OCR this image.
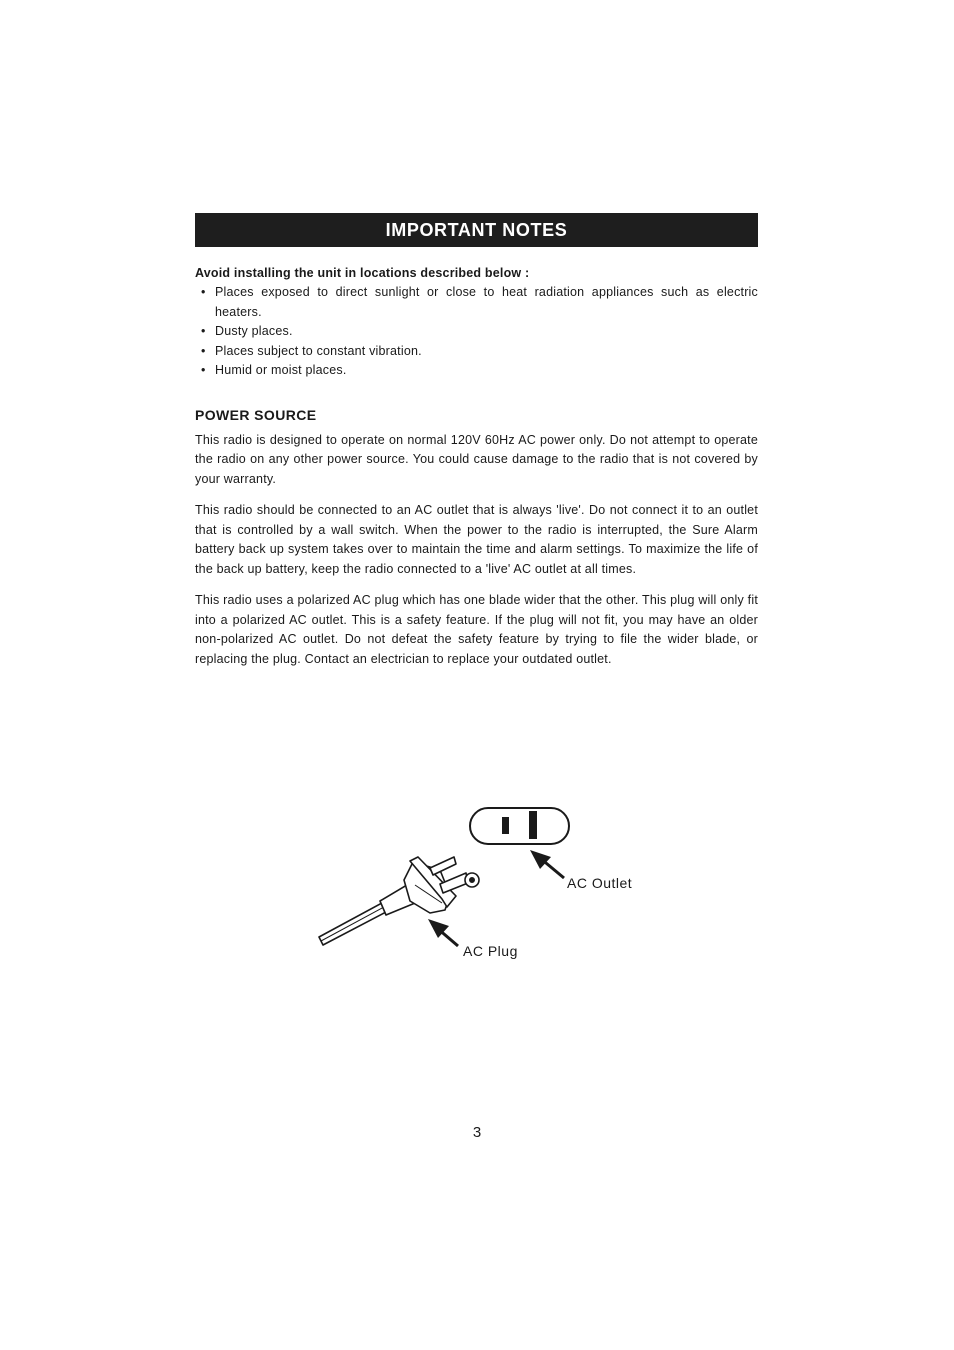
IMPORTANT NOTES
Avoid installing the unit in locations described below :
• Places exposed to direct sunlight or close to heat radiation appliances such as electric heaters.
• Dusty places.
• Places subject to constant vibration.
• Humid or moist places.
POWER SOURCE

This radio is designed to operate on normal 120V 60Hz AC power only. Do not attempt to operate the radio on any other power source. You could cause damage to the radio that is not covered by your warranty.

This radio should be connected to an AC outlet that is always 'live'. Do not connect it to an outlet that is controlled by a wall switch. When the power to the radio is interrupted, the Sure Alarm battery back up system takes over to maintain the time and alarm settings. To maximize the life of the back up battery, keep the radio connected to a 'live' AC outlet at all times.

This radio uses a polarized AC plug which has one blade wider that the other. This plug will only fit into a polarized AC outlet. This is a safety feature. If the plug will not fit, you may have an older non-polarized AC outlet. Do not defeat the safety feature by trying to file the wider blade, or replacing the plug. Contact an electrician to replace your outdated outlet.

AC Outlet
AC Plug
3
